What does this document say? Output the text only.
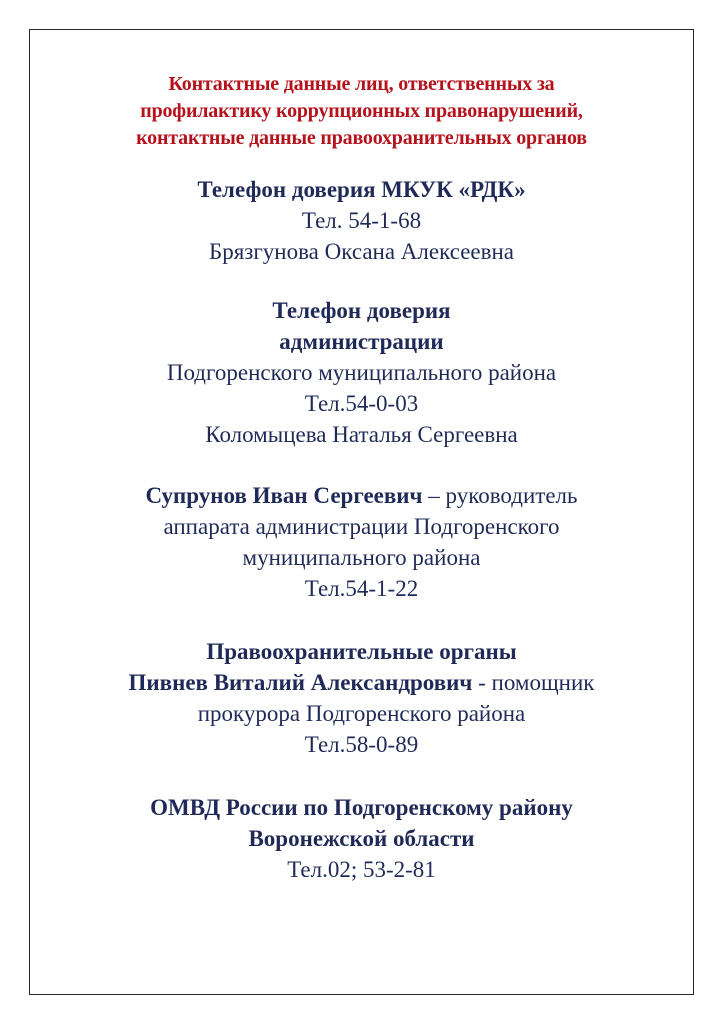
Контактные данные лиц, ответственных за
профилактику коррупционных правонарушений,
контактные данные правоохранительных органов
Телефон доверия МКУК «РДК»
Тел. 54-1-68
Брязгунова Оксана Алексеевна
Телефон доверия
администрации
Подгоренского муниципального района
Тел.54-0-03
Коломыцева Наталья Сергеевна
Супрунов Иван Сергеевич – руководитель
аппарата администрации Подгоренского
муниципального района
Тел.54-1-22
Правоохранительные органы
Пивнев Виталий Александрович - помощник
прокурора Подгоренского района
Тел.58-0-89
ОМВД России по Подгоренскому району
Воронежской области
Тел.02; 53-2-81
